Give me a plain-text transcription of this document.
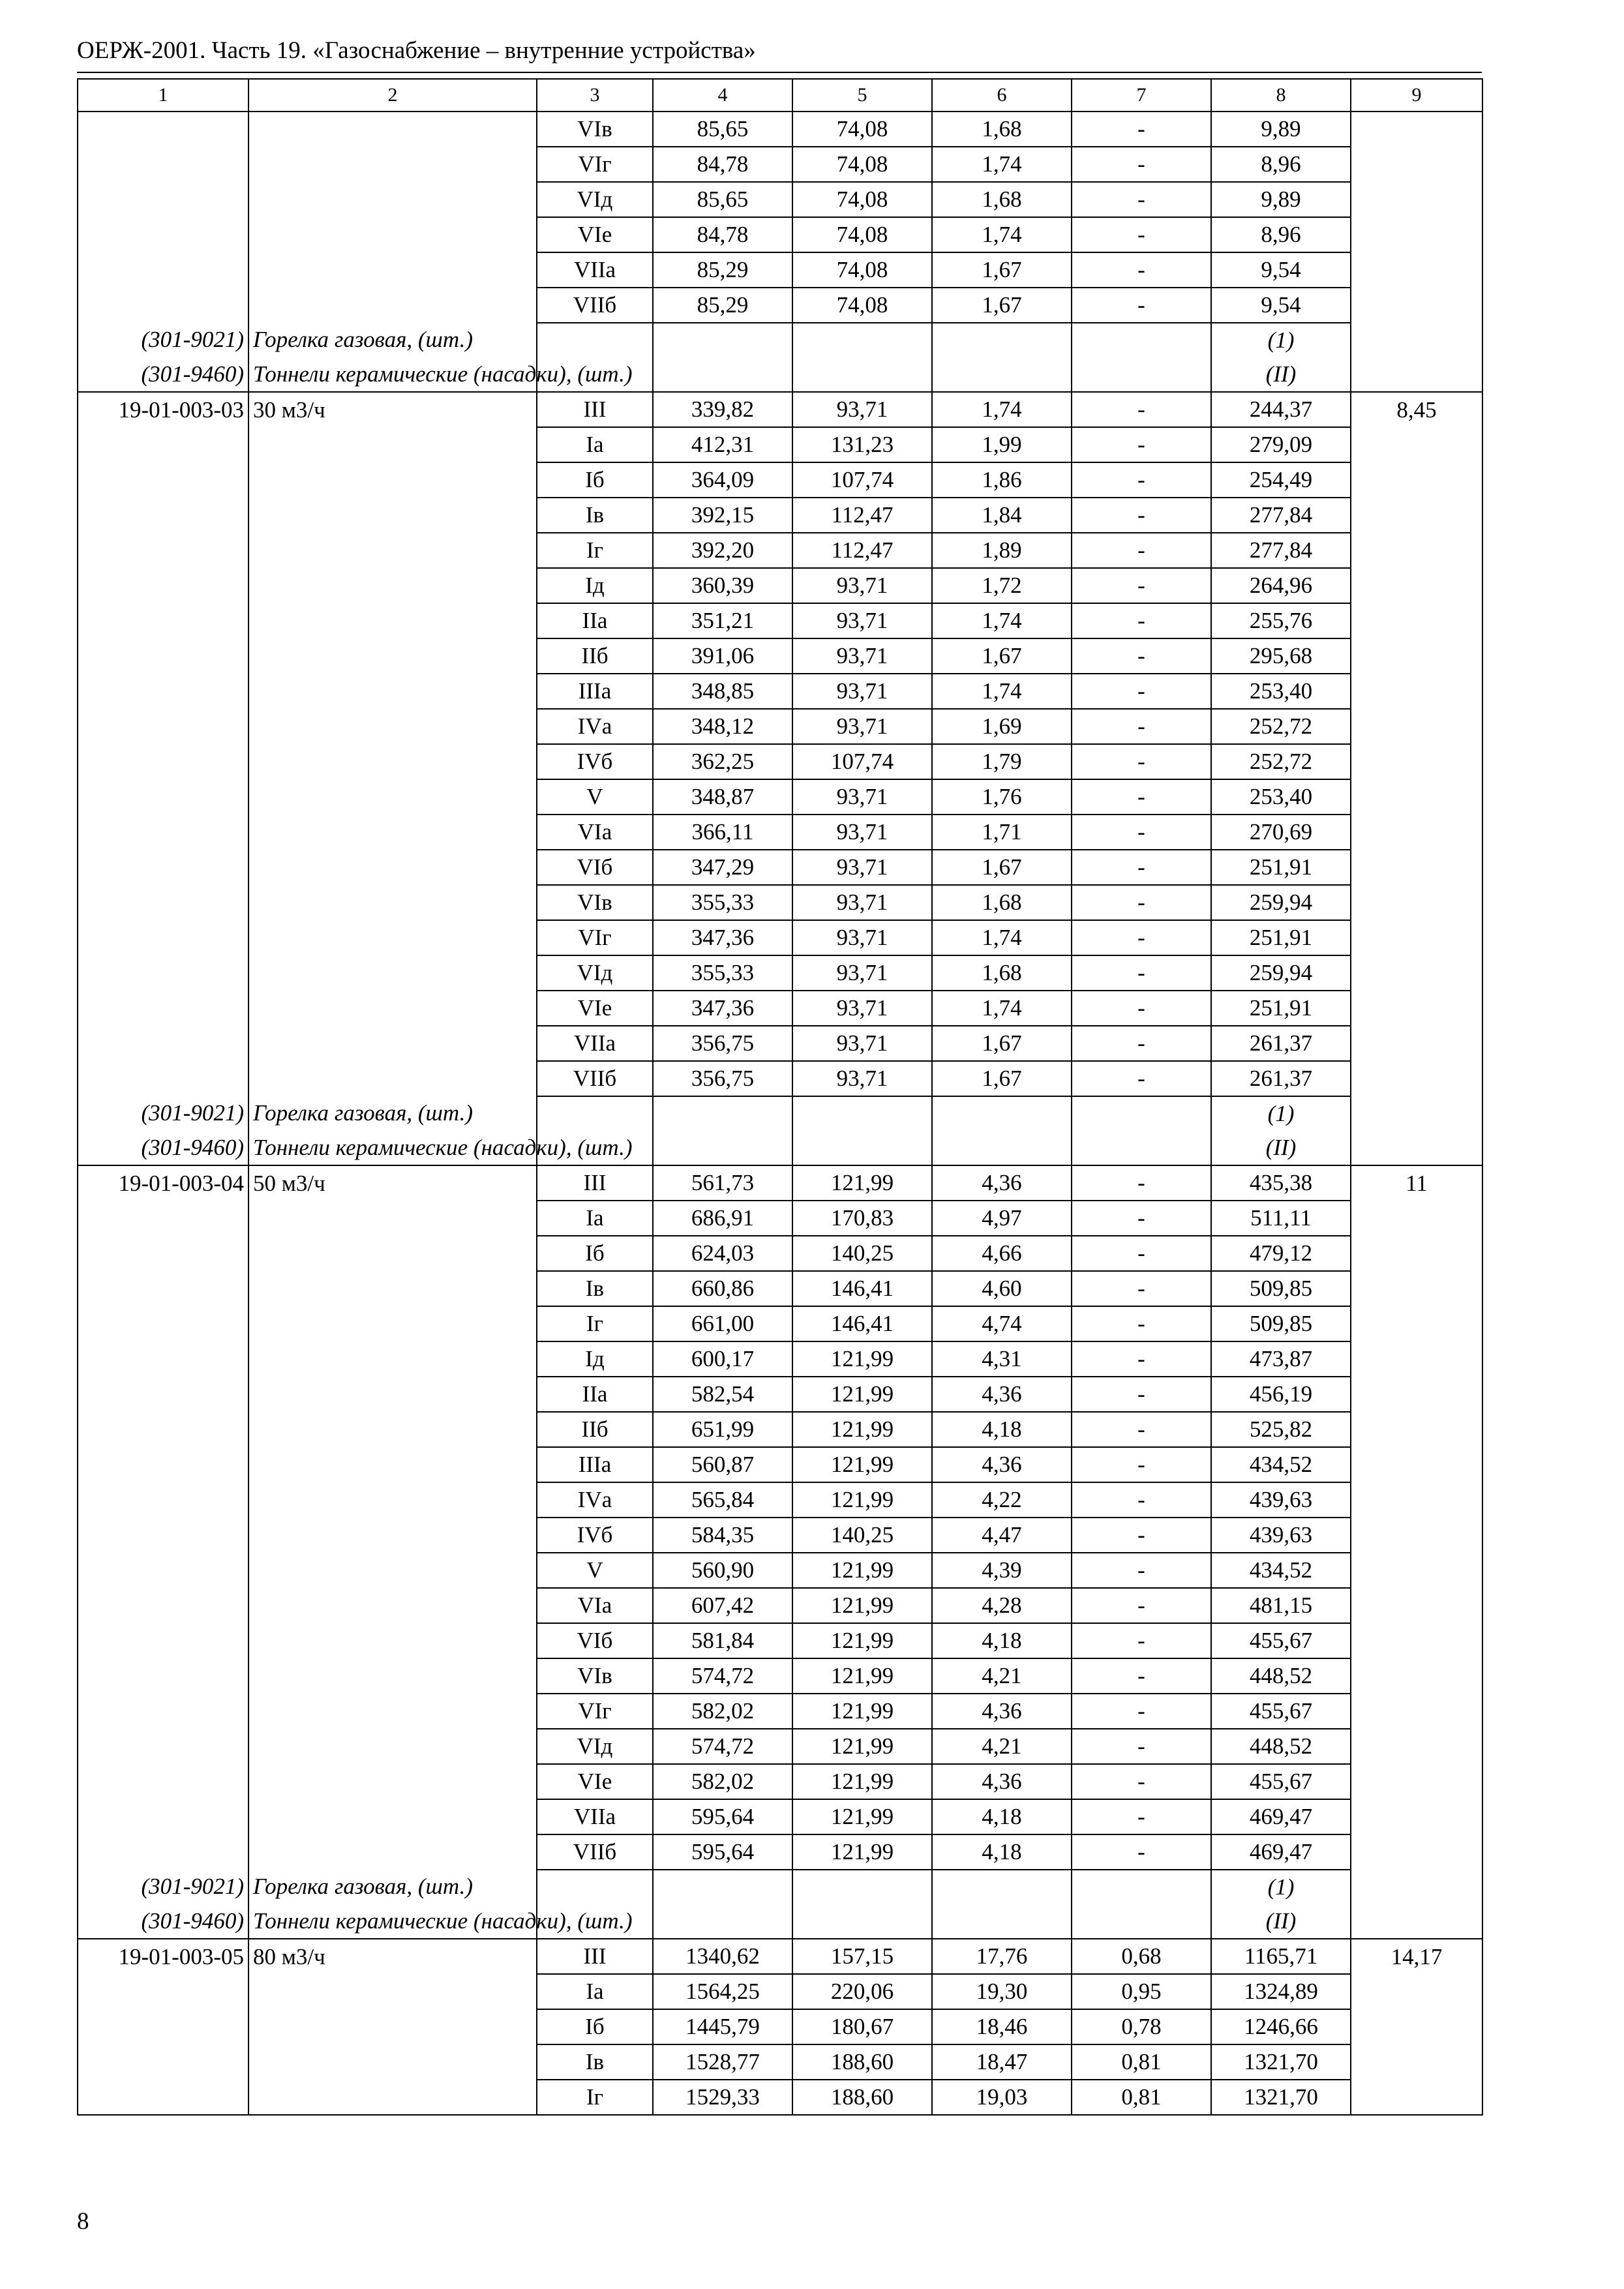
ОЕРЖ-2001. Часть 19. «Газоснабжение – внутренние устройства»
1	2	3	4	5	6	7	8	9
		VIв	85,65	74,08	1,68	-	9,89	
		VIг	84,78	74,08	1,74	-	8,96	
		VIд	85,65	74,08	1,68	-	9,89	
		VIе	84,78	74,08	1,74	-	8,96	
		VIIа	85,29	74,08	1,67	-	9,54	
		VIIб	85,29	74,08	1,67	-	9,54	
(301-9021)	Горелка газовая, (шт.)						(1)	
(301-9460)	Тоннели керамические (насадки), (шт.)						(II)	
19-01-003-03	30 м3/ч	III	339,82	93,71	1,74	-	244,37	8,45
		Iа	412,31	131,23	1,99	-	279,09	
		Iб	364,09	107,74	1,86	-	254,49	
		Iв	392,15	112,47	1,84	-	277,84	
		Iг	392,20	112,47	1,89	-	277,84	
		Iд	360,39	93,71	1,72	-	264,96	
		IIа	351,21	93,71	1,74	-	255,76	
		IIб	391,06	93,71	1,67	-	295,68	
		IIIа	348,85	93,71	1,74	-	253,40	
		IVа	348,12	93,71	1,69	-	252,72	
		IVб	362,25	107,74	1,79	-	252,72	
		V	348,87	93,71	1,76	-	253,40	
		VIа	366,11	93,71	1,71	-	270,69	
		VIб	347,29	93,71	1,67	-	251,91	
		VIв	355,33	93,71	1,68	-	259,94	
		VIг	347,36	93,71	1,74	-	251,91	
		VIд	355,33	93,71	1,68	-	259,94	
		VIе	347,36	93,71	1,74	-	251,91	
		VIIа	356,75	93,71	1,67	-	261,37	
		VIIб	356,75	93,71	1,67	-	261,37	
(301-9021)	Горелка газовая, (шт.)						(1)	
(301-9460)	Тоннели керамические (насадки), (шт.)						(II)	
19-01-003-04	50 м3/ч	III	561,73	121,99	4,36	-	435,38	11
		Iа	686,91	170,83	4,97	-	511,11	
		Iб	624,03	140,25	4,66	-	479,12	
		Iв	660,86	146,41	4,60	-	509,85	
		Iг	661,00	146,41	4,74	-	509,85	
		Iд	600,17	121,99	4,31	-	473,87	
		IIа	582,54	121,99	4,36	-	456,19	
		IIб	651,99	121,99	4,18	-	525,82	
		IIIа	560,87	121,99	4,36	-	434,52	
		IVа	565,84	121,99	4,22	-	439,63	
		IVб	584,35	140,25	4,47	-	439,63	
		V	560,90	121,99	4,39	-	434,52	
		VIа	607,42	121,99	4,28	-	481,15	
		VIб	581,84	121,99	4,18	-	455,67	
		VIв	574,72	121,99	4,21	-	448,52	
		VIг	582,02	121,99	4,36	-	455,67	
		VIд	574,72	121,99	4,21	-	448,52	
		VIе	582,02	121,99	4,36	-	455,67	
		VIIа	595,64	121,99	4,18	-	469,47	
		VIIб	595,64	121,99	4,18	-	469,47	
(301-9021)	Горелка газовая, (шт.)						(1)	
(301-9460)	Тоннели керамические (насадки), (шт.)						(II)	
19-01-003-05	80 м3/ч	III	1340,62	157,15	17,76	0,68	1165,71	14,17
		Iа	1564,25	220,06	19,30	0,95	1324,89	
		Iб	1445,79	180,67	18,46	0,78	1246,66	
		Iв	1528,77	188,60	18,47	0,81	1321,70	
		Iг	1529,33	188,60	19,03	0,81	1321,70	
8
